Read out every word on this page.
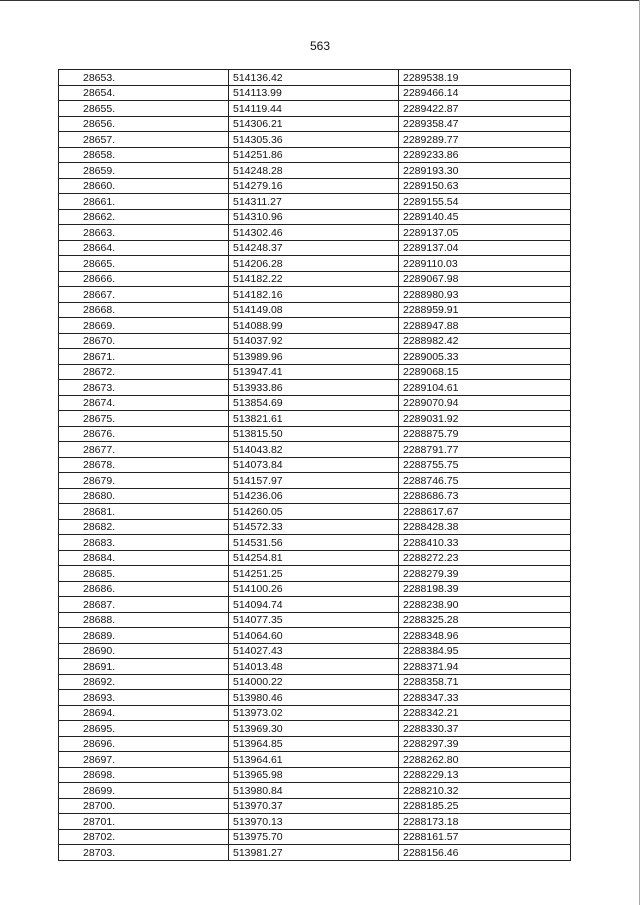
563
28653.	514136.42	2289538.19
28654.	514113.99	2289466.14
28655.	514119.44	2289422.87
28656.	514306.21	2289358.47
28657.	514305.36	2289289.77
28658.	514251.86	2289233.86
28659.	514248.28	2289193.30
28660.	514279.16	2289150.63
28661.	514311.27	2289155.54
28662.	514310.96	2289140.45
28663.	514302.46	2289137.05
28664.	514248.37	2289137.04
28665.	514206.28	2289110.03
28666.	514182.22	2289067.98
28667.	514182.16	2288980.93
28668.	514149.08	2288959.91
28669.	514088.99	2288947.88
28670.	514037.92	2288982.42
28671.	513989.96	2289005.33
28672.	513947.41	2289068.15
28673.	513933.86	2289104.61
28674.	513854.69	2289070.94
28675.	513821.61	2289031.92
28676.	513815.50	2288875.79
28677.	514043.82	2288791.77
28678.	514073.84	2288755.75
28679.	514157.97	2288746.75
28680.	514236.06	2288686.73
28681.	514260.05	2288617.67
28682.	514572.33	2288428.38
28683.	514531.56	2288410.33
28684.	514254.81	2288272.23
28685.	514251.25	2288279.39
28686.	514100.26	2288198.39
28687.	514094.74	2288238.90
28688.	514077.35	2288325.28
28689.	514064.60	2288348.96
28690.	514027.43	2288384.95
28691.	514013.48	2288371.94
28692.	514000.22	2288358.71
28693.	513980.46	2288347.33
28694.	513973.02	2288342.21
28695.	513969.30	2288330.37
28696.	513964.85	2288297.39
28697.	513964.61	2288262.80
28698.	513965.98	2288229.13
28699.	513980.84	2288210.32
28700.	513970.37	2288185.25
28701.	513970.13	2288173.18
28702.	513975.70	2288161.57
28703.	513981.27	2288156.46
